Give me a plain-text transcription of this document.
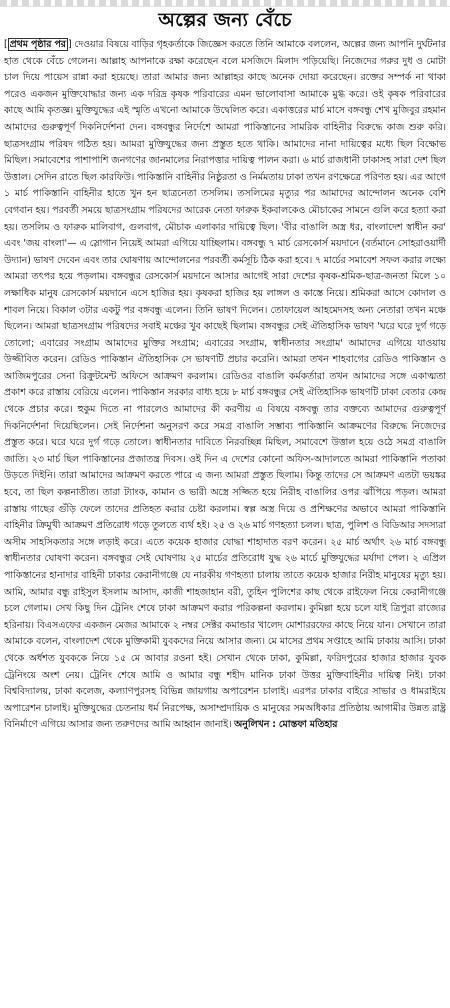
অল্পের জন্য বেঁচে

[ প্রথম পৃষ্ঠার পর ] দেওয়ার বিষয়ে বাড়ির গৃহকর্তাকে জিজ্ঞেস করতে তিনি আমাকে বললেন, অল্পের জন্য আপনি দুর্ঘটনার হাত থেকে বেঁচে গেলেন। আল্লাহ আপনাকে রক্ষা করেছেন বলে মসজিদে মিলাদ পড়িয়েছি। নিজেদের গরুর দুধ ও মোটা চাল দিয়ে পায়েস রান্না করা হয়েছে। তারা আমার জন্য আল্লাহর কাছে অনেক দোয়া করেছেন। রক্তের সম্পর্ক না থাকা পরেও একজন মুক্তিযোদ্ধার জন্য এক দরিদ্র কৃষক পরিবারের এমন ভালোবাসা আমাকে মুগ্ধ করে। ওই কৃষক পরিবারের কাছে আমি কৃতজ্ঞ। মুক্তিযুদ্ধের এই স্মৃতি এখনো আমাকে উদ্বেলিত করে। একাত্তরের মার্চ মাসে বঙ্গবন্ধু শেখ মুজিবুর রহমান আমাদের গুরুত্বপূর্ণ দিকনির্দেশনা দেন। বঙ্গবন্ধুর নির্দেশে আমরা পাকিস্তানের সামরিক বাহিনীর বিরুদ্ধে কাজ শুরু করি। ছাত্রসংগ্রাম পরিষদ গঠিত হয়। আমরা মুক্তিযুদ্ধের জন্য প্রস্তুত হতে থাকি। আমাদের নানা দায়িত্বের মধ্যে ছিল বিক্ষোভ মিছিল। সমাবেশের পাশাপাশি জনগণের জানমালের নিরাপত্তার দায়িত্ব পালন করা। ৬ মার্চ রাজধানী ঢাকাসহ সারা দেশ ছিল উত্তাল। সেদিন রাতে ছিল কারফিউ। পাকিস্তানি বাহিনীর নিষ্ঠুরতা ও নির্মমতায় ঢাকা তখন রণক্ষেত্রে পরিণত হয়। এর আগে ১ মার্চ পাকিস্তানি বাহিনীর হাতে খুন হন ছাত্রনেতা তসলিম। তসলিমের মৃত্যুর পর আমাদের আন্দোলন অনেক বেশি বেগবান হয়। পরবর্তী সময়ে ছাত্রসংগ্রাম পরিষদের আরেক নেতা ফারুক ইকবালকেও মৌচাকের সামনে গুলি করে হত্যা করা হয়। তসলিম ও ফারুক মালিবাগ, গুলবাগ, মৌচাক এলাকার দায়িত্বে ছিল। 'বীর বাঙালি অস্ত্র ধর, বাংলাদেশ স্বাধীন কর' এবং 'জয় বাংলা'— এ স্লোগান নিয়েই আমরা এগিয়ে যাচ্ছিলাম। বঙ্গবন্ধু ৭ মার্চ রেসকোর্স ময়দানে (বর্তমানে সোহরাওয়ার্দী উদ্যান) ভাষণ দেবেন এবং তার ঘোষণায় আন্দোলনের পরবর্তী কর্মসূচি ঠিক করা হবে। ৭ মার্চের সমাবেশ সফল করার লক্ষ্যে আমরা তৎপর হয়ে পড়লাম। বঙ্গবন্ধুর রেসকোর্স ময়দানে আসার আগেই সারা দেশের কৃষক-শ্রমিক-ছাত্র-জনতা মিলে ১০ লক্ষাধিক মানুষ রেসকোর্স ময়দানে এসে হাজির হয়। কৃষকরা হাজির হয় লাঙ্গল ও কাস্তে নিয়ে। শ্রমিকরা আসে কোদাল ও শাবল নিয়ে। বিকাল ৩টার একটু পর বঙ্গবন্ধু এলেন। তিনি ভাষণ দিলেন। তোফায়েল আহমেদসহ অন্য নেতারা তখন মঞ্চে ছিলেন। আমরা ছাত্রসংগ্রাম পরিষদের সবাই মঞ্চের খুব কাছেই ছিলাম। বঙ্গবন্ধুর সেই ঐতিহাসিক ভাষণ 'ঘরে ঘরে দুর্গ গড়ে তোলো; এবারের সংগ্রাম আমাদের মুক্তির সংগ্রাম; এবারের সংগ্রাম, স্বাধীনতার সংগ্রাম' আমাদের এগিয়ে যাওয়ায় উজ্জীবিত করেন। রেডিও পাকিস্তান ঐতিহাসিক সে ভাষণটি প্রচার করেনি। আমরা তখন শাহবাগের রেডিও পাকিস্তান ও আজিমপুরের সেনা রিক্রুটমেন্ট অফিসে আক্রমণ করলাম। রেডিওর বাঙালি কর্মকর্তারা তখন আমাদের সঙ্গে একাত্মতা প্রকাশ করে রাস্তায় বেরিয়ে এলেন। পাকিস্তান সরকার বাধ্য হয়ে ৮ মার্চ বঙ্গবন্ধুর সেই ঐতিহাসিক ভাষণটি ঢাকা বেতার কেন্দ্র থেকে প্রচার করে। হুকুম দিতে না পারলেও আমাদের কী করণীয় এ বিষয়ে বঙ্গবন্ধু তার বক্তব্যে আমাদের গুরুত্বপূর্ণ দিকনির্দেশনা দিয়েছিলেন। সেই নির্দেশনা অনুসরণ করে সমগ্র বাঙালি সম্ভাব্য পাকিস্তানি আক্রমণের বিরুদ্ধে নিজেদের প্রস্তুত করে। ঘরে ঘরে দুর্গ গড়ে তোলে। স্বাধীনতার দাবিতে নিরবচ্ছিন্ন মিছিল, সমাবেশে উত্তাল হয়ে ওঠে সমগ্র বাঙালি জাতি। ২৩ মার্চ ছিল পাকিস্তানের প্রজাতন্ত্র দিবস। ওই দিন এ দেশের কোনো অফিস-আদালতে আমরা পাকিস্তানি পতাকা উড়তে দিইনি। তারা আমাদের আক্রমণ করতে পারে এ জন্য আমরা প্রস্তুত ছিলাম। কিন্তু তাদের সে আক্রমণ এতটা ভয়ঙ্কর হবে, তা ছিল কল্পনাতীত। তারা ট্যাংক, কামান ও ভারী অস্ত্রে সজ্জিত হয়ে নিরীহ বাঙালির ওপর ঝাঁপিয়ে পড়ল। আমরা রাস্তায় গাছের গুঁড়ি ফেলে তাদের প্রতিহত করার চেষ্টা করলাম। স্বল্প অস্ত্র দিয়ে ও প্রশিক্ষণের অভাবে আমরা পাকিস্তানি বাহিনীর ক্রিমুখী আক্রমণ প্রতিরোধ গড়ে তুলতে ব্যর্থ হই। ২৫ ও ২৬ মার্চ গণহত্যা চলল। ছাত্র, পুলিশ ও বিডিআর সদস্যরা অসীম সাহসিকতার সঙ্গে লড়াই করে। এতে কয়েক হাজার যোদ্ধা শাহাদাত বরণ করেন। ২৫ মার্চ অর্থাৎ ২৬ মার্চ বঙ্গবন্ধু স্বাধীনতার ঘোষণা করেন। বঙ্গবন্ধুর সেই ঘোষণায় ২৫ মার্চের প্রতিরোধ যুদ্ধ ২৬ মার্চে মুক্তিযুদ্ধের মর্যাদা পেল। ২ এপ্রিল পাকিস্তানের হানাদার বাহিনী ঢাকার কেরানীগঞ্জে যে নারকীয় গণহত্যা চালায় তাতে কয়েক হাজার নিরীহ মানুষের মৃত্যু হয়। আমি, আমার বন্ধু রাইসুল ইসলাম আসাদ, কাজী শাহজাহান বরী, তুহিন পুলিশের কাছ থেকে রাইফেল নিয়ে কেরানীগঞ্জে চলে গেলাম। সেখ কিছু দিন ট্রেনিং শেষে ঢাকা আক্রমণ করার পরিকল্পনা করলাম। কুমিল্লা হয়ে চলে যাই ত্রিপুরা রাজ্যের হরিনায়। বিএসএফের একজন মেজর আমাকে ২ নম্বর সেক্টর কমান্ডার খালেদ মোশাররফের কাছে নিয়ে যান। সেখানে তারা আমাকে বলেন, বাংলাদেশ থেকে মুক্তিকামী যুবকদের নিয়ে আসার জন্য। মে মাসের প্রথম সপ্তাহে আমি ঢাকায় আসি। ঢাকা থেকে অর্ধশত যুবককে নিয়ে ১৫ মে আবার রওনা হই। সেখান থেকে ঢাকা, কুমিল্লা, ফরিদপুরের হাজার হাজার যুবক ট্রেনিংয়ে অংশ নেয়। ট্রেনিং শেষে আমি ও আমার বন্ধু শহীদ মানিক ঢাকা উত্তর মুক্তিবাহিনীর দায়িত্ব নিই। ঢাকা বিশ্ববিদ্যালয়, ঢাকা কলেজ, কল্যাণপুরসহ বিভিন্ন জায়গায় অপারেশন চালাই। এরপর ঢাকার বাইরে সাভার ও ধামরাইয়ে অপারেশন চালাই। মুক্তিযুদ্ধের চেতনায় ধর্ম নিরপেক্ষ, অসাম্প্রদায়িক ও মানুষের সমঅধিকার প্রতিষ্ঠায় আগামীর উন্নত রাষ্ট্র বিনির্মাণে এগিয়ে আসার জন্য তরুণদের আমি আহ্বান জানাই। অনুলিখন : মোস্তফা মতিহার
